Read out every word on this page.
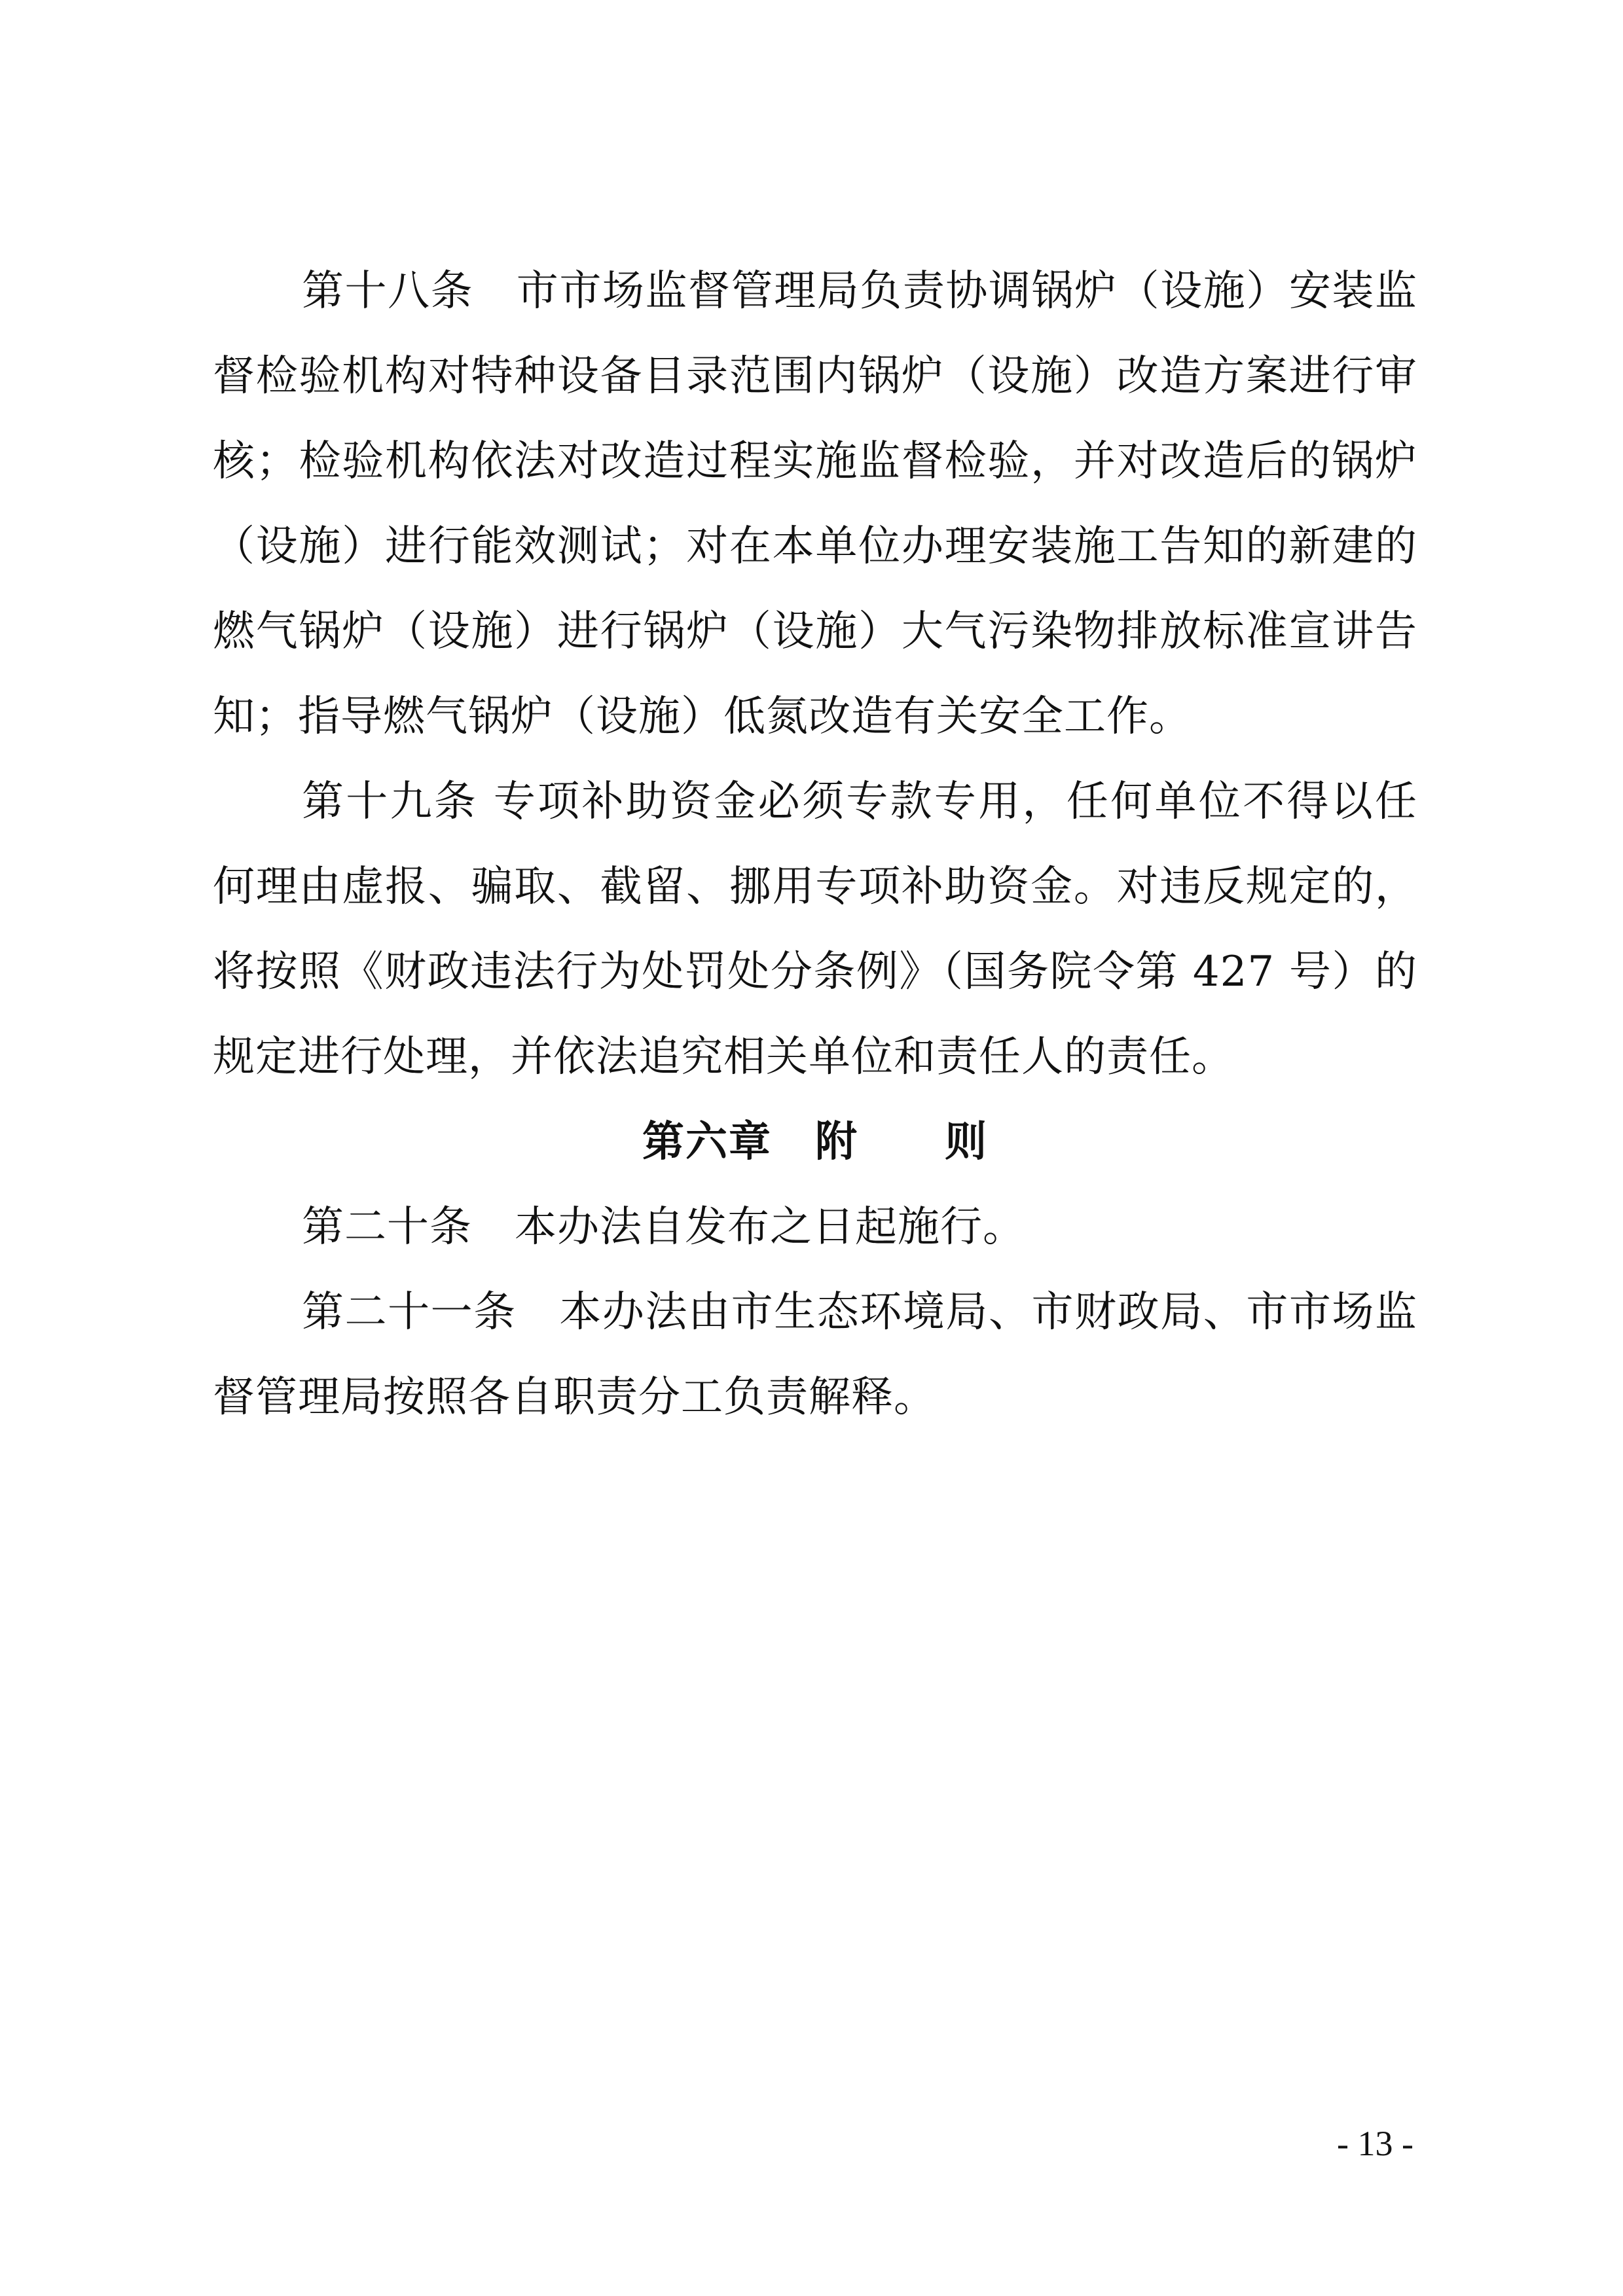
第十八条　市市场监督管理局负责协调锅炉（设施）安装监督检验机构对特种设备目录范围内锅炉（设施）改造方案进行审核；检验机构依法对改造过程实施监督检验，并对改造后的锅炉（设施）进行能效测试；对在本单位办理安装施工告知的新建的燃气锅炉（设施）进行锅炉（设施）大气污染物排放标准宣讲告知；指导燃气锅炉（设施）低氮改造有关安全工作。

第十九条 专项补助资金必须专款专用，任何单位不得以任何理由虚报、骗取、截留、挪用专项补助资金。对违反规定的，将按照《财政违法行为处罚处分条例》（国务院令第 427 号）的规定进行处理，并依法追究相关单位和责任人的责任。

第六章　附　　则

第二十条　本办法自发布之日起施行。

第二十一条　本办法由市生态环境局、市财政局、市市场监督管理局按照各自职责分工负责解释。

- 13 -
